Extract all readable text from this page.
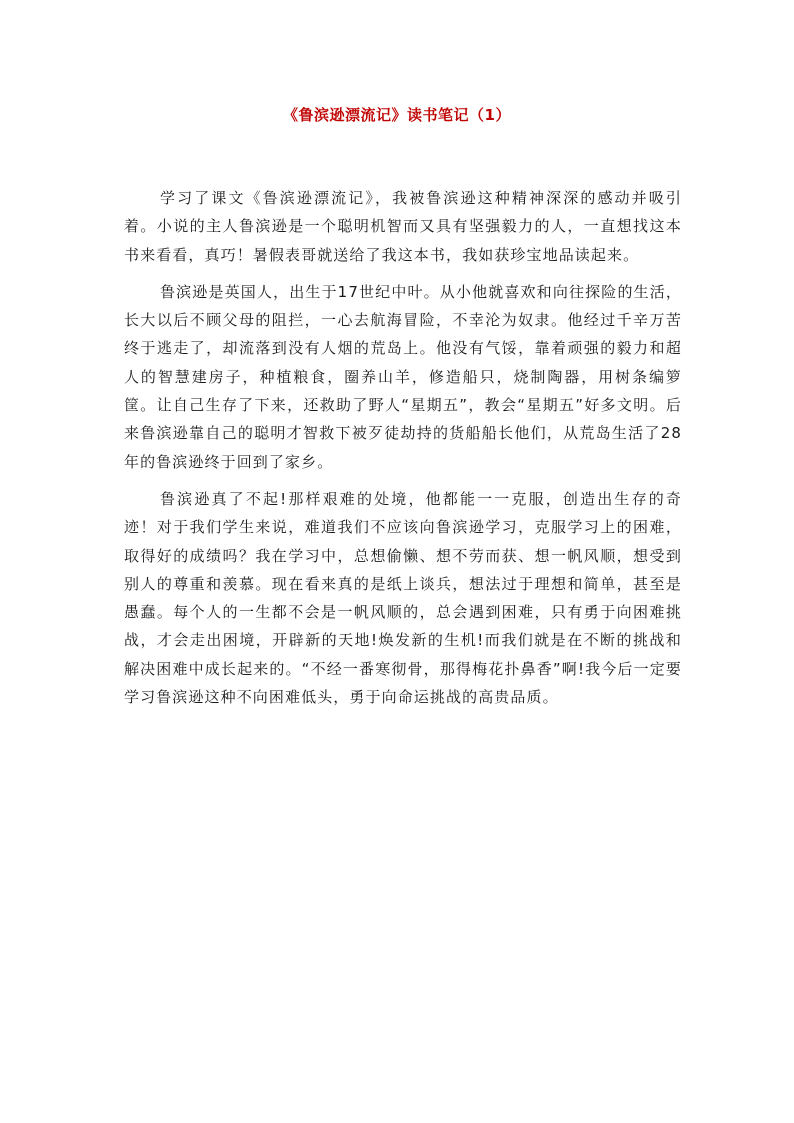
《鲁滨逊漂流记》读书笔记（1）

学习了课文《鲁滨逊漂流记》，我被鲁滨逊这种精神深深的感动并吸引着。小说的主人鲁滨逊是一个聪明机智而又具有坚强毅力的人，一直想找这本书来看看，真巧！暑假表哥就送给了我这本书，我如获珍宝地品读起来。

鲁滨逊是英国人，出生于17世纪中叶。从小他就喜欢和向往探险的生活，长大以后不顾父母的阻拦，一心去航海冒险，不幸沦为奴隶。他经过千辛万苦终于逃走了，却流落到没有人烟的荒岛上。他没有气馁，靠着顽强的毅力和超人的智慧建房子，种植粮食，圈养山羊，修造船只，烧制陶器，用树条编箩筐。让自己生存了下来，还救助了野人“星期五”，教会“星期五”好多文明。后来鲁滨逊靠自己的聪明才智救下被歹徒劫持的货船船长他们，从荒岛生活了28年的鲁滨逊终于回到了家乡。

鲁滨逊真了不起!那样艰难的处境，他都能一一克服，创造出生存的奇迹！对于我们学生来说，难道我们不应该向鲁滨逊学习，克服学习上的困难，取得好的成绩吗？我在学习中，总想偷懒、想不劳而获、想一帆风顺，想受到别人的尊重和羡慕。现在看来真的是纸上谈兵，想法过于理想和简单，甚至是愚蠢。每个人的一生都不会是一帆风顺的，总会遇到困难，只有勇于向困难挑战，才会走出困境，开辟新的天地!焕发新的生机!而我们就是在不断的挑战和解决困难中成长起来的。“不经一番寒彻骨，那得梅花扑鼻香”啊!我今后一定要学习鲁滨逊这种不向困难低头，勇于向命运挑战的高贵品质。
